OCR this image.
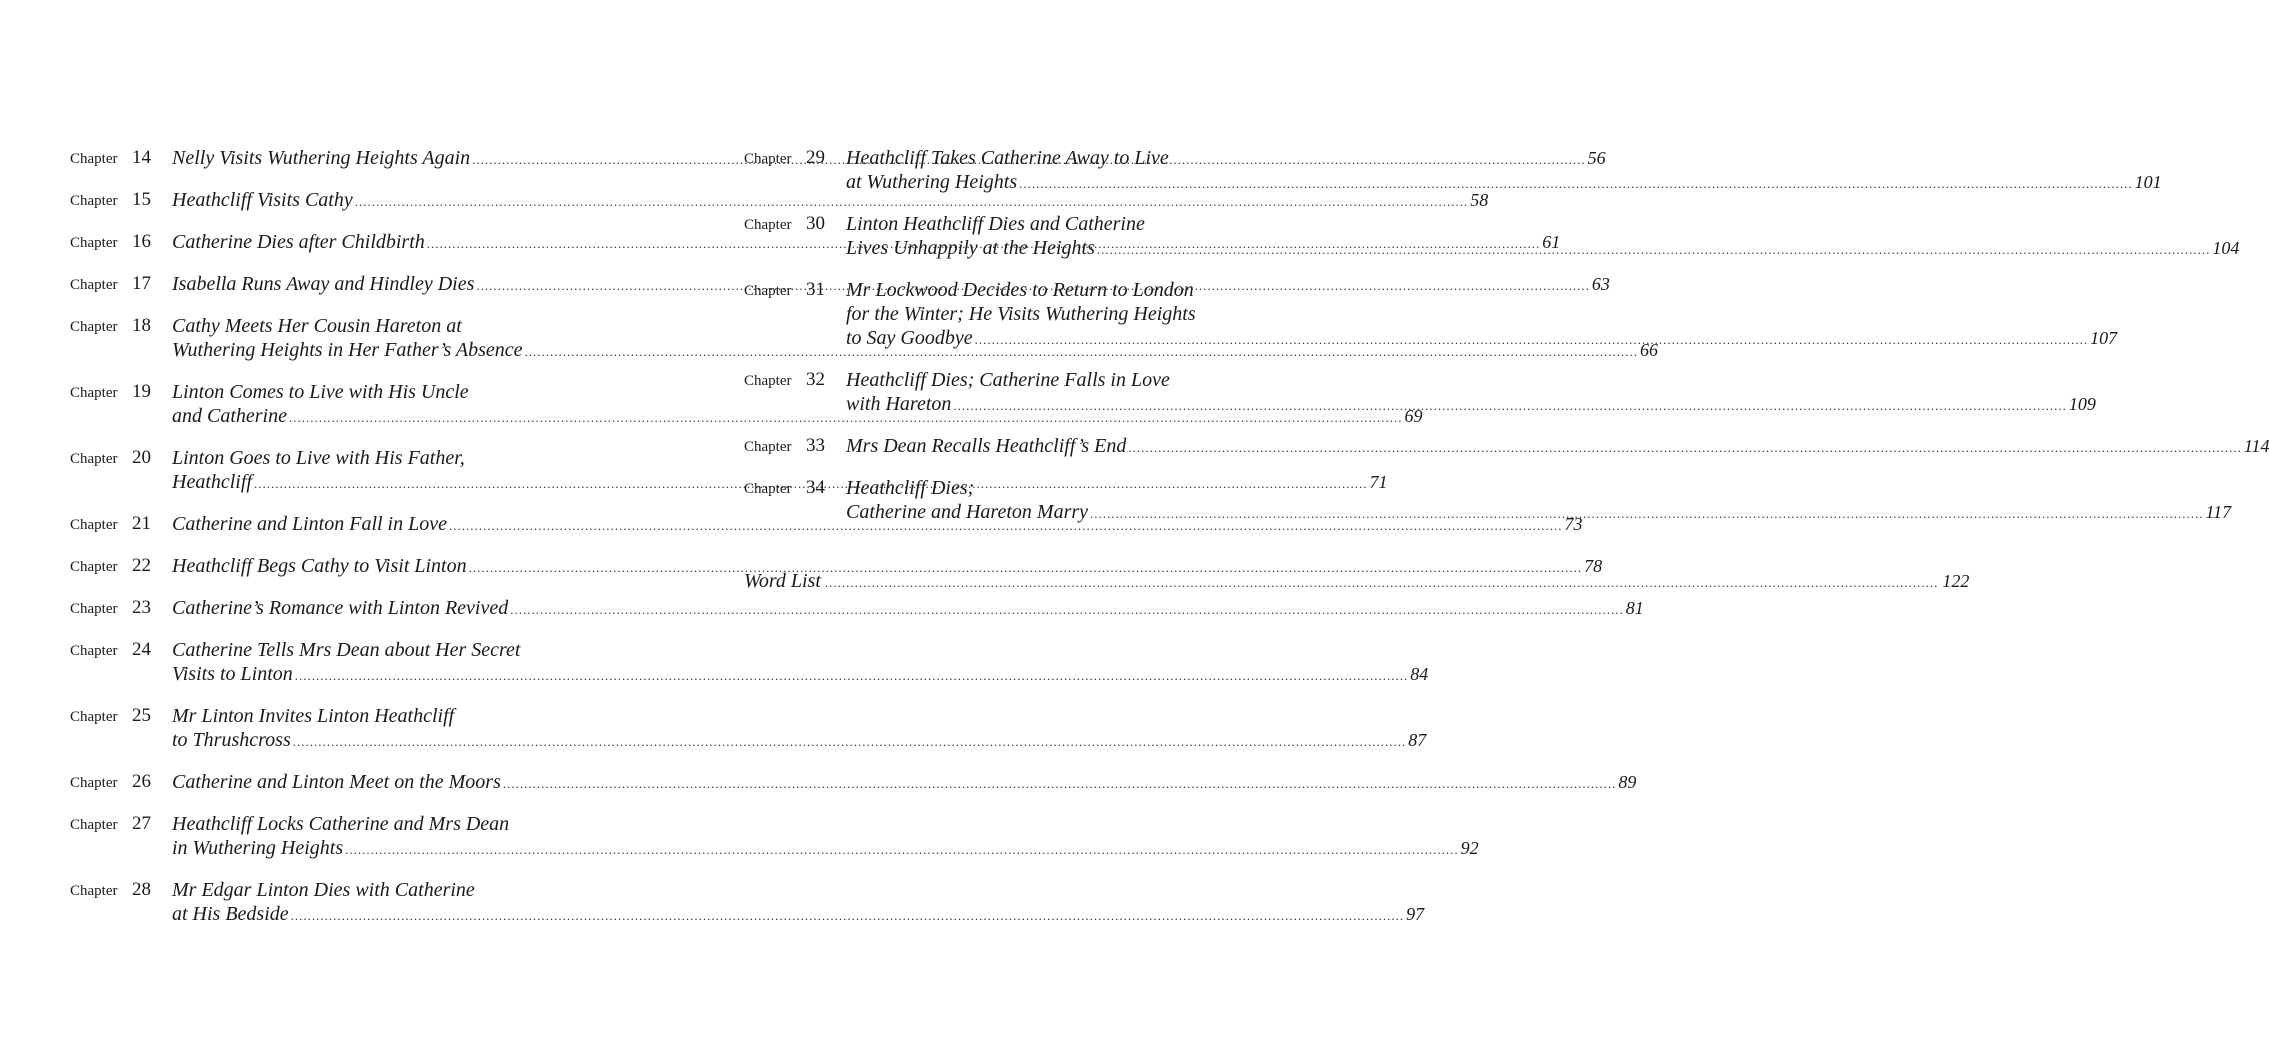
Chapter 14	Nelly Visits Wuthering Heights Again .....	56
Chapter 15	Heathcliff Visits Cathy .....	58
Chapter 16	Catherine Dies after Childbirth .....	61
Chapter 17	Isabella Runs Away and Hindley Dies .....	63
Chapter 18	Cathy Meets Her Cousin Hareton at
Wuthering Heights in Her Father’s Absence .....	66
Chapter 19	Linton Comes to Live with His Uncle
and Catherine .....	69
Chapter 20	Linton Goes to Live with His Father,
Heathcliff .....	71
Chapter 21	Catherine and Linton Fall in Love .....	73
Chapter 22	Heathcliff Begs Cathy to Visit Linton .....	78
Chapter 23	Catherine’s Romance with Linton Revived .....	81
Chapter 24	Catherine Tells Mrs Dean about Her Secret
Visits to Linton .....	84
Chapter 25	Mr Linton Invites Linton Heathcliff
to Thrushcross .....	87
Chapter 26	Catherine and Linton Meet on the Moors .....	89
Chapter 27	Heathcliff Locks Catherine and Mrs Dean
in Wuthering Heights .....	92
Chapter 28	Mr Edgar Linton Dies with Catherine
at His Bedside .....	97
Chapter 29	Heathcliff Takes Catherine Away to Live
at Wuthering Heights .....	101
Chapter 30	Linton Heathcliff Dies and Catherine
Lives Unhappily at the Heights .....	104
Chapter 31	Mr Lockwood Decides to Return to London
for the Winter; He Visits Wuthering Heights
to Say Goodbye .....	107
Chapter 32	Heathcliff Dies; Catherine Falls in Love
with Hareton .....	109
Chapter 33	Mrs Dean Recalls Heathcliff’s End .....	114
Chapter 34	Heathcliff Dies;
Catherine and Hareton Marry .....	117
Word List .....	122
